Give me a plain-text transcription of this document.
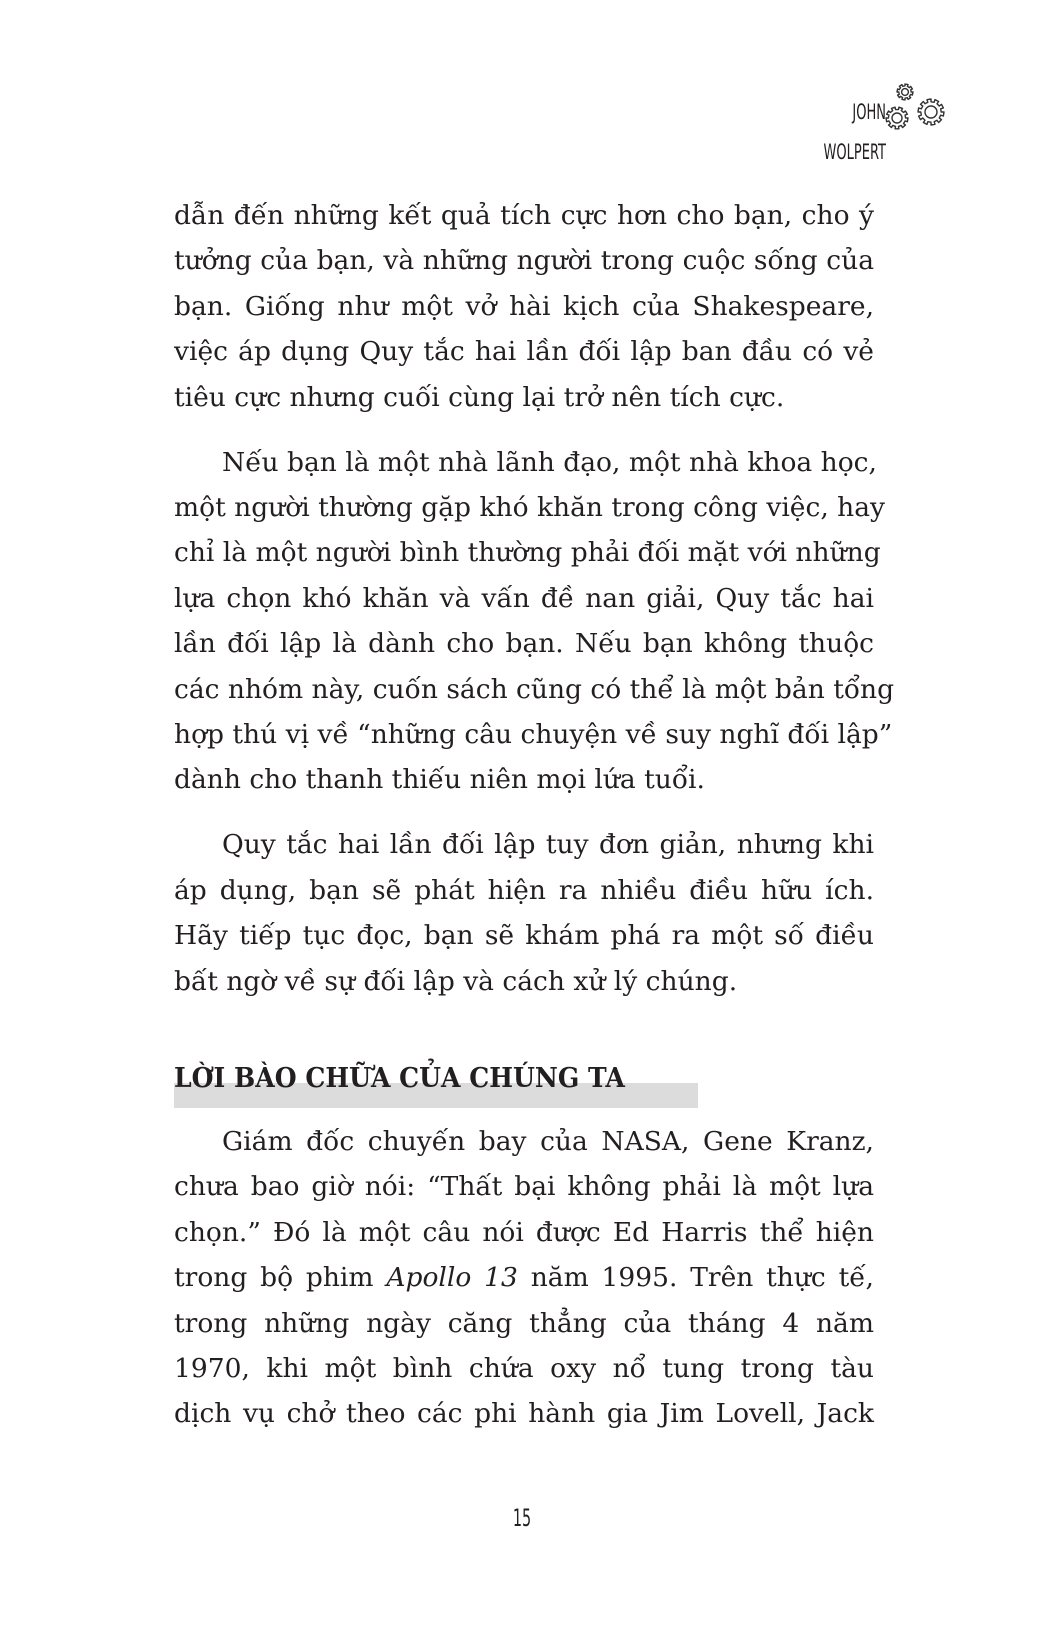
JOHN WOLPERT

dẫn đến những kết quả tích cực hơn cho bạn, cho ý
tưởng của bạn, và những người trong cuộc sống của
bạn. Giống như một vở hài kịch của Shakespeare,
việc áp dụng Quy tắc hai lần đối lập ban đầu có vẻ
tiêu cực nhưng cuối cùng lại trở nên tích cực.

Nếu bạn là một nhà lãnh đạo, một nhà khoa học,
một người thường gặp khó khăn trong công việc, hay
chỉ là một người bình thường phải đối mặt với những
lựa chọn khó khăn và vấn đề nan giải, Quy tắc hai
lần đối lập là dành cho bạn. Nếu bạn không thuộc
các nhóm này, cuốn sách cũng có thể là một bản tổng
hợp thú vị về “những câu chuyện về suy nghĩ đối lập”
dành cho thanh thiếu niên mọi lứa tuổi.

Quy tắc hai lần đối lập tuy đơn giản, nhưng khi
áp dụng, bạn sẽ phát hiện ra nhiều điều hữu ích.
Hãy tiếp tục đọc, bạn sẽ khám phá ra một số điều
bất ngờ về sự đối lập và cách xử lý chúng.

LỜI BÀO CHỮA CỦA CHÚNG TA
Giám đốc chuyến bay của NASA, Gene Kranz,
chưa bao giờ nói: “Thất bại không phải là một lựa
chọn.” Đó là một câu nói được Ed Harris thể hiện
trong bộ phim Apollo 13 năm 1995. Trên thực tế,
trong những ngày căng thẳng của tháng 4 năm
1970, khi một bình chứa oxy nổ tung trong tàu
dịch vụ chở theo các phi hành gia Jim Lovell, Jack
15
